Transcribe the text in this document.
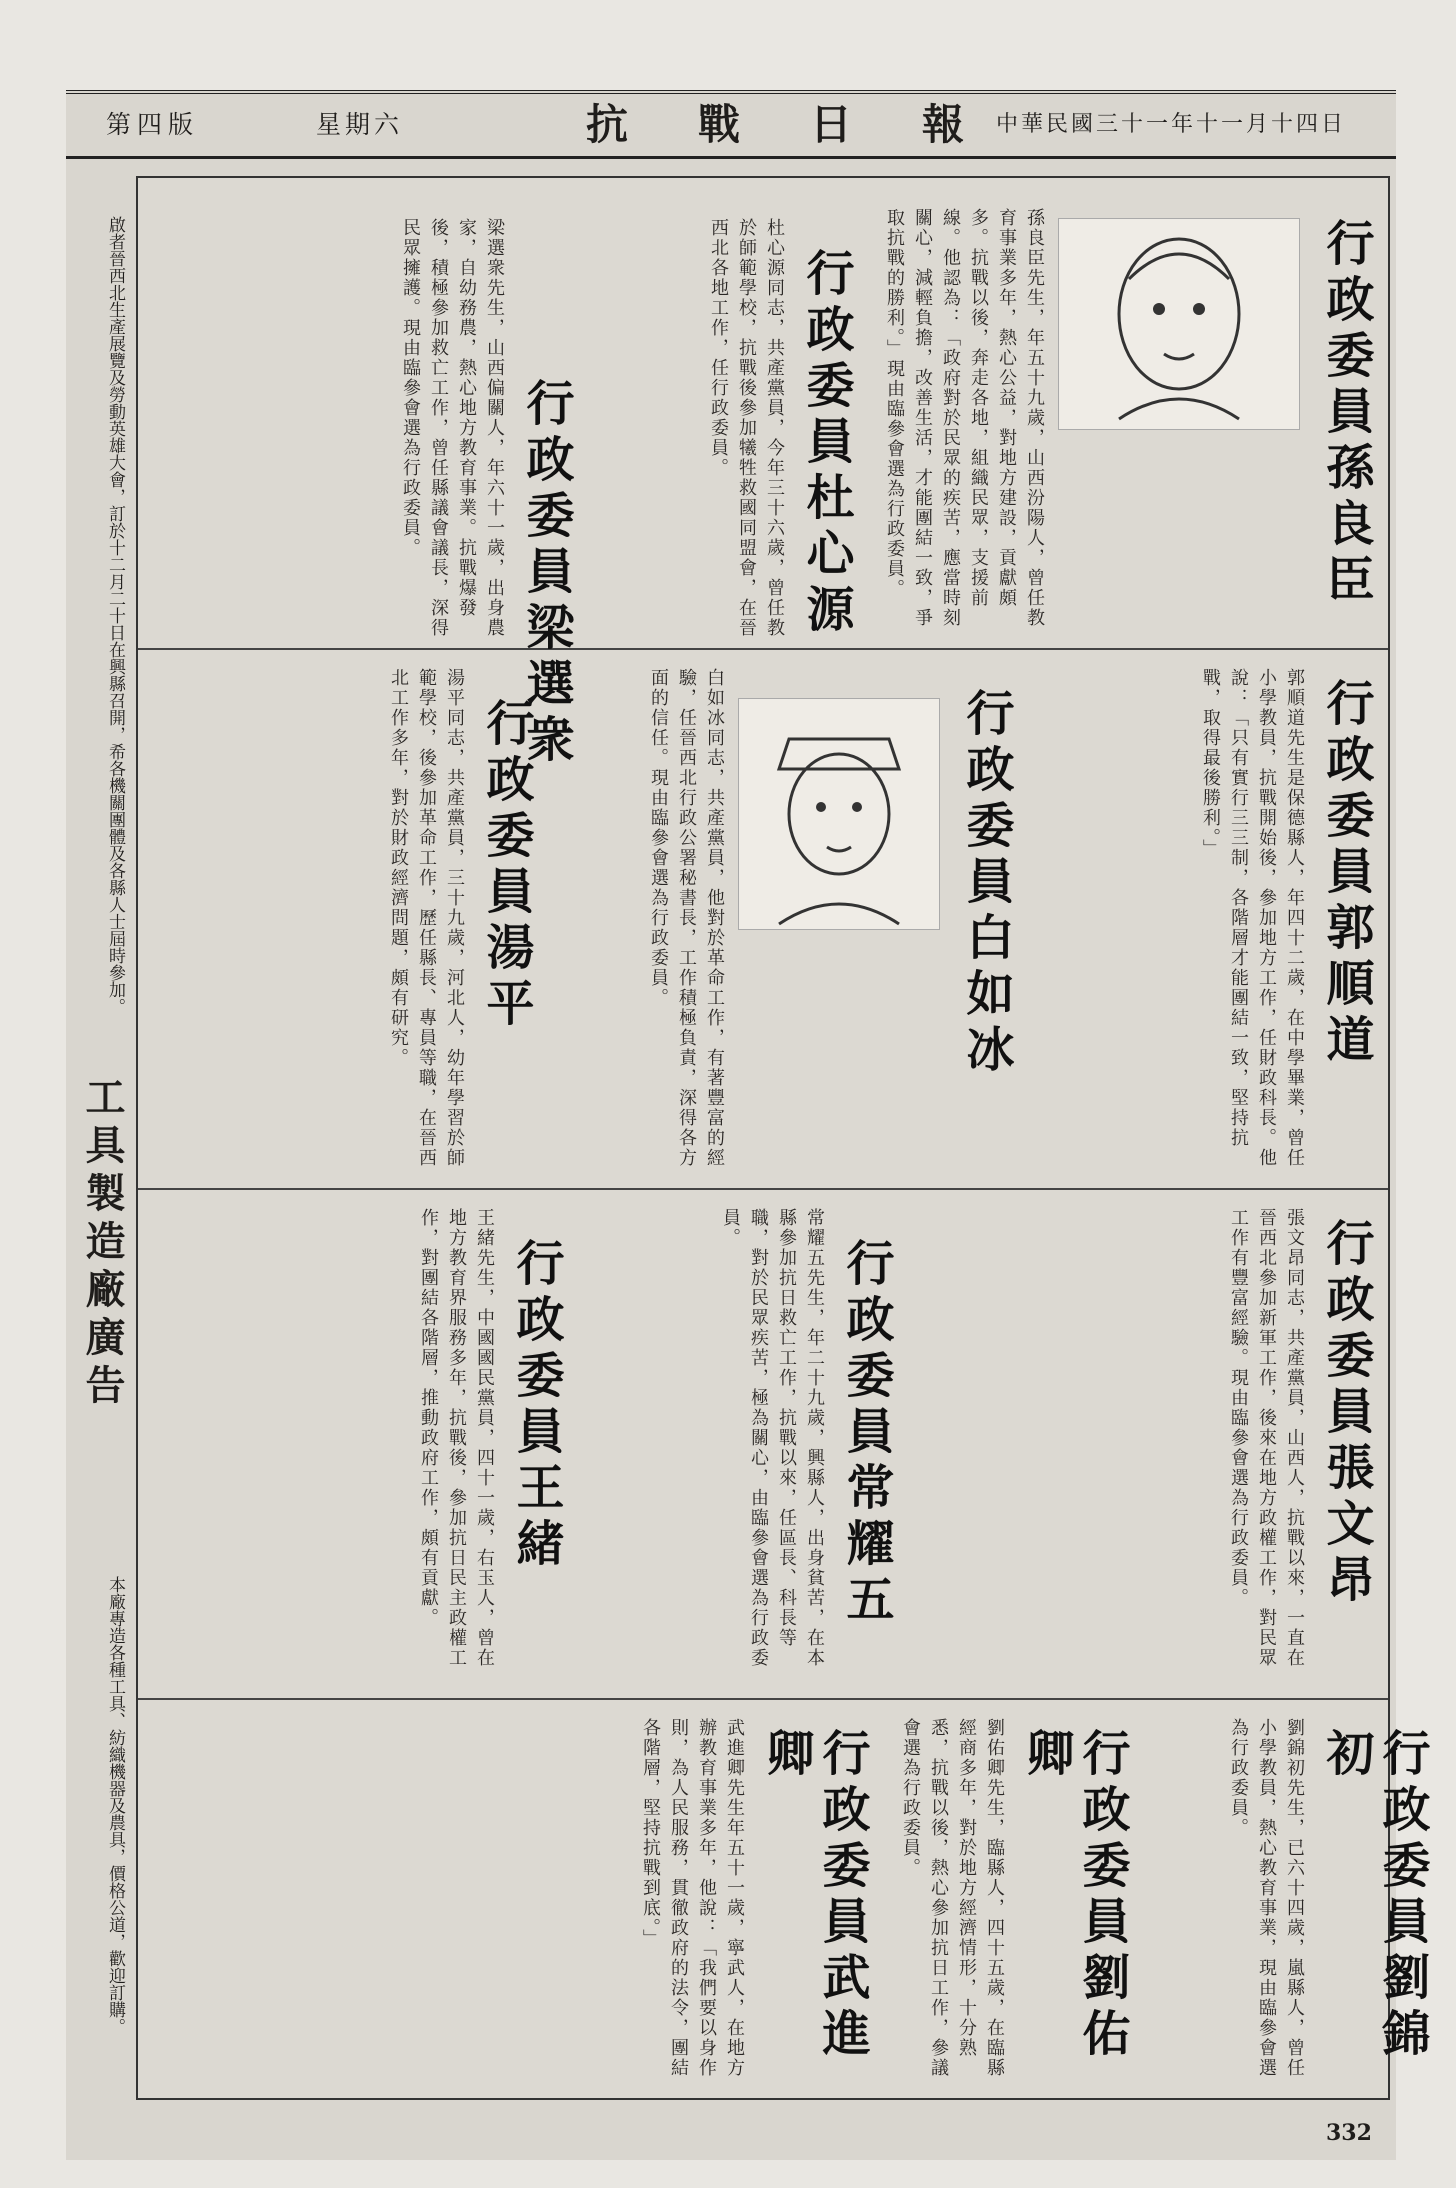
第四版	星期六	抗戰日報
中華民國三十一年十一月十四日
啟者晉西北生產展覽及勞動英雄大會，訂於十二月二十日在興縣召開，希各機關團體及各縣人士屆時參加。
工具製造廠廣告
本廠專造各種工具、紡織機器及農具，價格公道，歡迎訂購。
行政委員孫良臣
孫良臣先生，年五十九歲，山西汾陽人，曾任教育事業多年，熱心公益，對地方建設，貢獻頗多。抗戰以後，奔走各地，組織民眾，支援前線。他認為：「政府對於民眾的疾苦，應當時刻關心，減輕負擔，改善生活，才能團結一致，爭取抗戰的勝利。」現由臨參會選為行政委員。
行政委員杜心源
杜心源同志，共產黨員，今年三十六歲，曾任教於師範學校，抗戰後參加犧牲救國同盟會，在晉西北各地工作，任行政委員。
行政委員梁選衆
梁選衆先生，山西偏關人，年六十一歲，出身農家，自幼務農，熱心地方教育事業。抗戰爆發後，積極參加救亡工作，曾任縣議會議長，深得民眾擁護。現由臨參會選為行政委員。
行政委員郭順道
郭順道先生是保德縣人，年四十二歲，在中學畢業，曾任小學教員，抗戰開始後，參加地方工作，任財政科長。他說：「只有實行三三制，各階層才能團結一致，堅持抗戰，取得最後勝利。」
行政委員白如冰
白如冰同志，共產黨員，他對於革命工作，有著豐富的經驗，任晉西北行政公署秘書長，工作積極負責，深得各方面的信任。現由臨參會選為行政委員。
行政委員湯平
湯平同志，共產黨員，三十九歲，河北人，幼年學習於師範學校，後參加革命工作，歷任縣長、專員等職，在晉西北工作多年，對於財政經濟問題，頗有研究。
行政委員張文昂
張文昂同志，共產黨員，山西人，抗戰以來，一直在晉西北參加新軍工作，後來在地方政權工作，對民眾工作有豐富經驗。現由臨參會選為行政委員。
行政委員常耀五
常耀五先生，年二十九歲，興縣人，出身貧苦，在本縣參加抗日救亡工作，抗戰以來，任區長、科長等職，對於民眾疾苦，極為關心，由臨參會選為行政委員。
行政委員王緒
王緒先生，中國國民黨員，四十一歲，右玉人，曾在地方教育界服務多年，抗戰後，參加抗日民主政權工作，對團結各階層，推動政府工作，頗有貢獻。
行政委員劉佑卿
劉佑卿先生，臨縣人，四十五歲，在臨縣經商多年，對於地方經濟情形，十分熟悉，抗戰以後，熱心參加抗日工作，參議會選為行政委員。
行政委員武進卿
武進卿先生年五十一歲，寧武人，在地方辦教育事業多年，他說：「我們要以身作則，為人民服務，貫徹政府的法令，團結各階層，堅持抗戰到底。」	行政委員劉錦初
劉錦初先生，已六十四歲，嵐縣人，曾任小學教員，熱心教育事業，現由臨參會選為行政委員。
332
